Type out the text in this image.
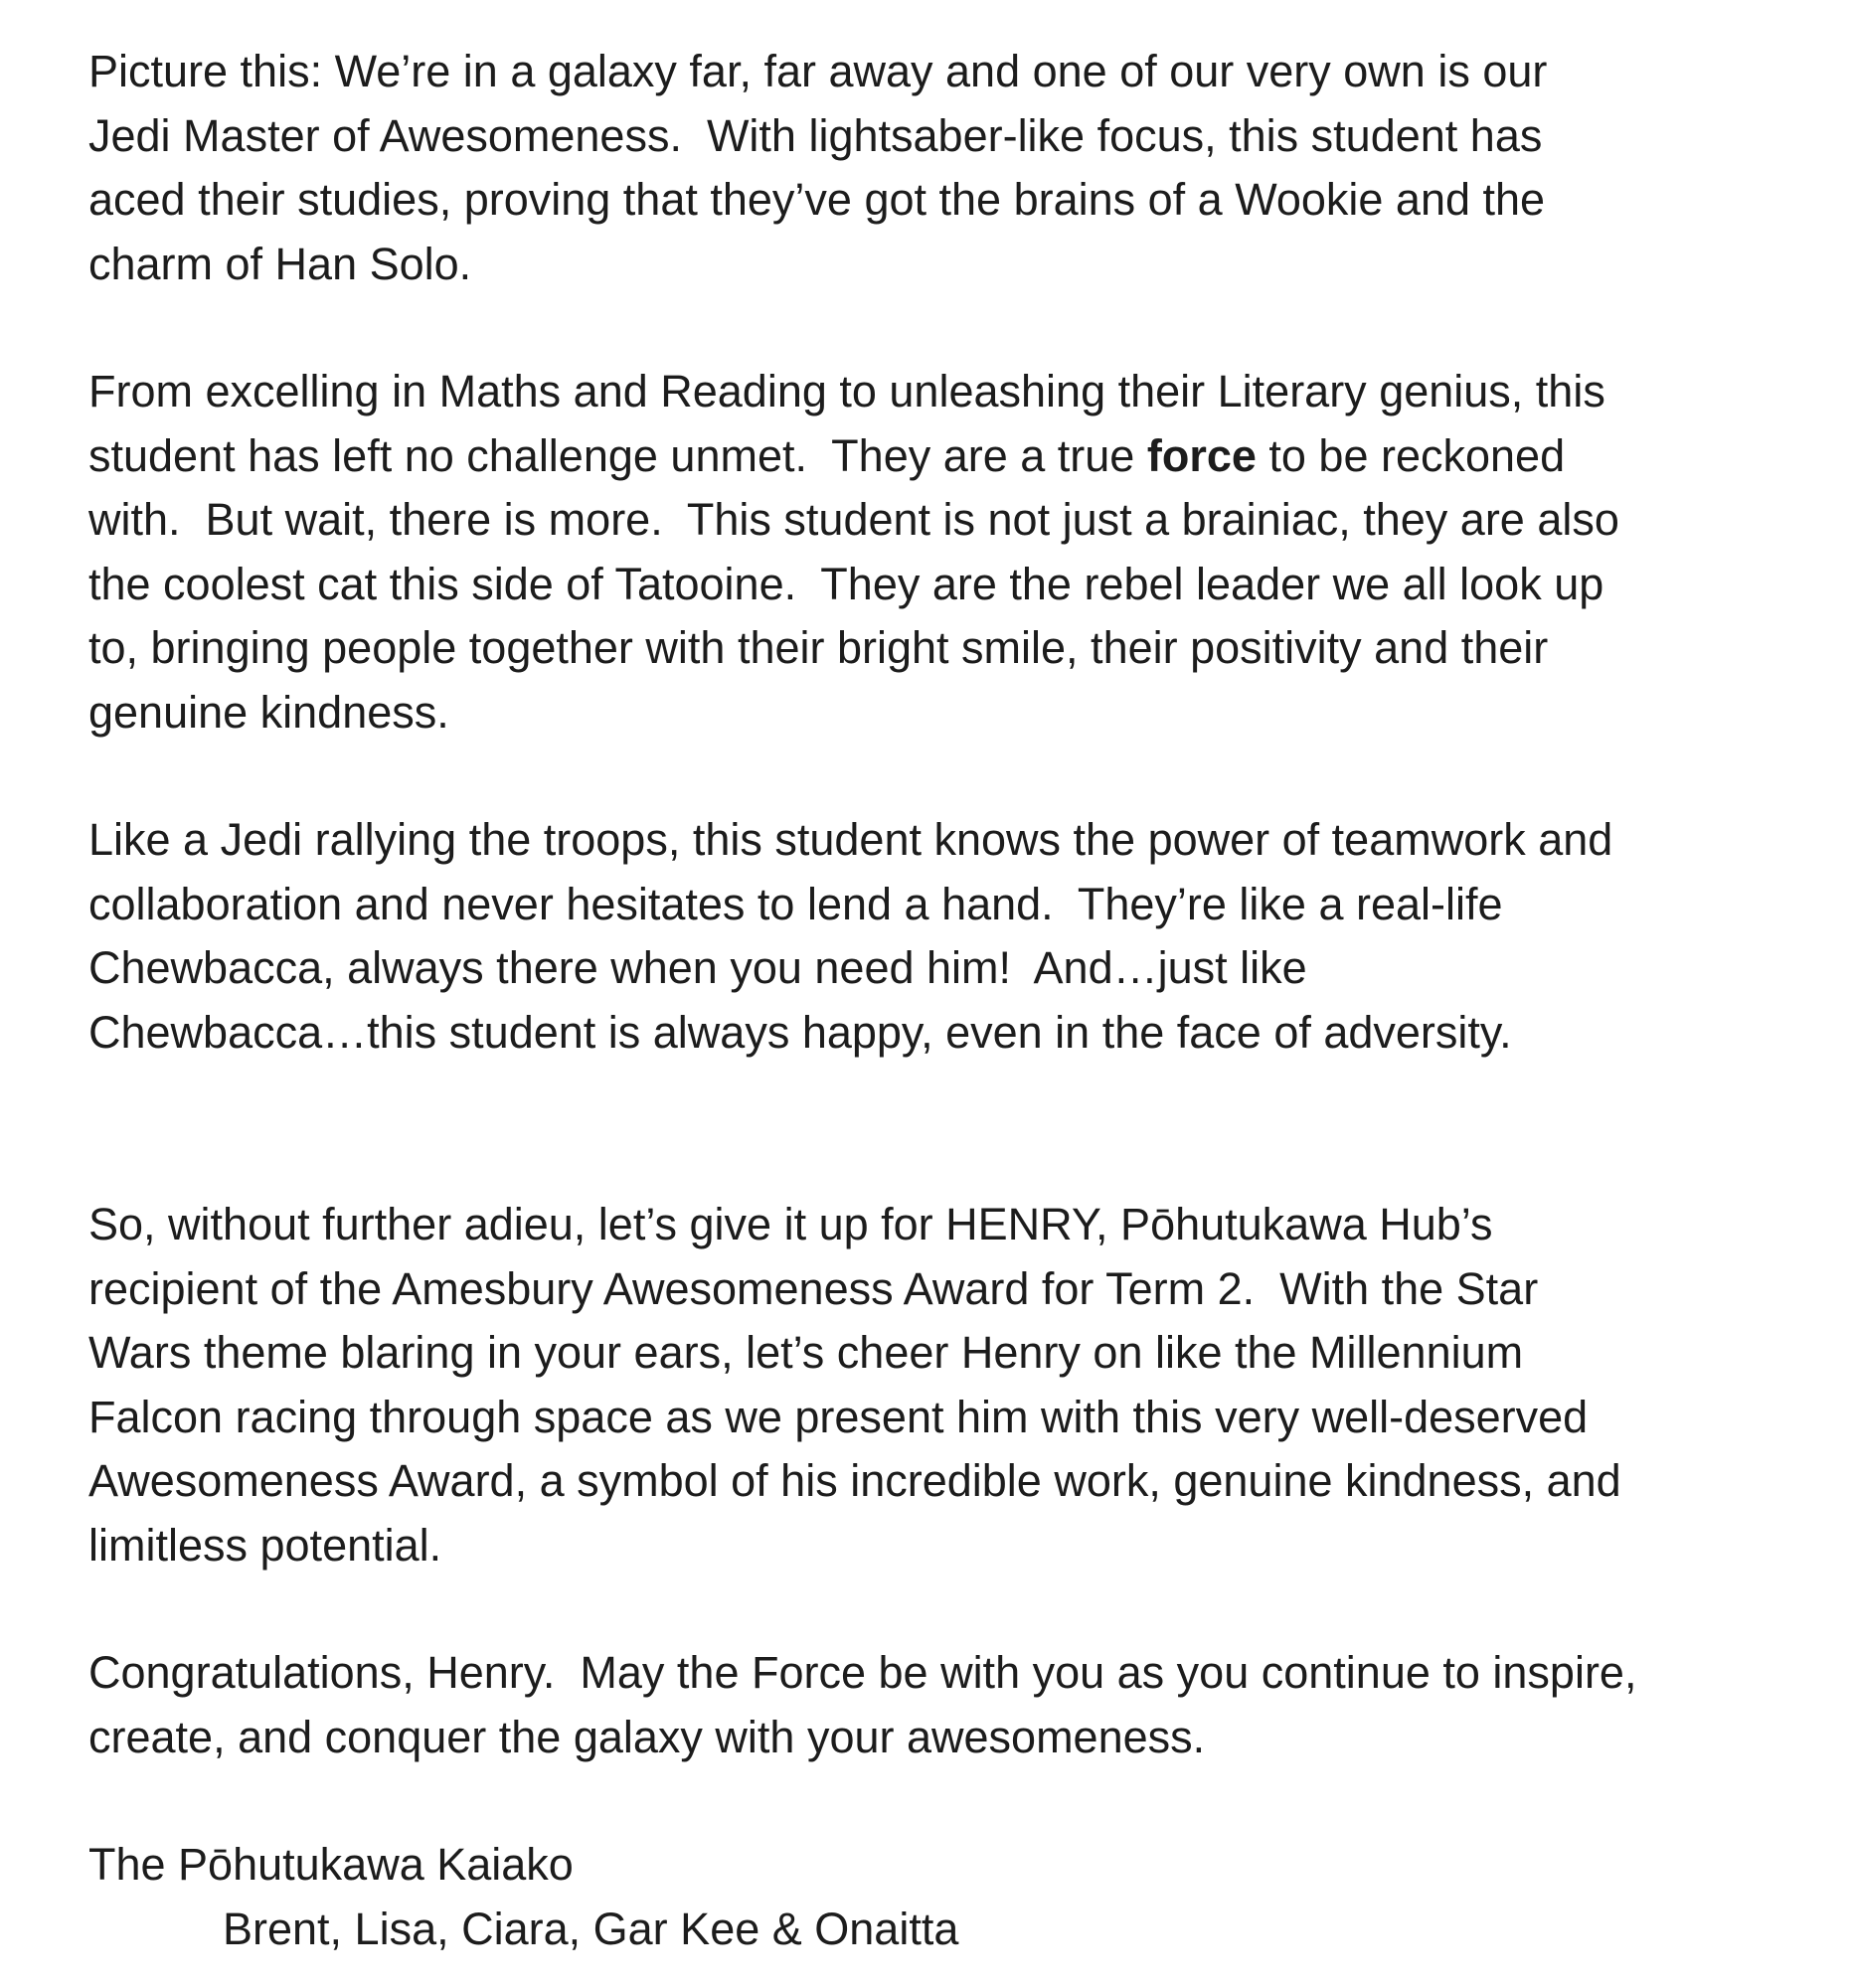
Picture this: We’re in a galaxy far, far away and one of our very own is our

Jedi Master of Awesomeness.  With lightsaber-like focus, this student has

aced their studies, proving that they’ve got the brains of a Wookie and the

charm of Han Solo.

From excelling in Maths and Reading to unleashing their Literary genius, this

student has left no challenge unmet.  They are a true force to be reckoned

with.  But wait, there is more.  This student is not just a brainiac, they are also

the coolest cat this side of Tatooine.  They are the rebel leader we all look up

to, bringing people together with their bright smile, their positivity and their

genuine kindness.

Like a Jedi rallying the troops, this student knows the power of teamwork and

collaboration and never hesitates to lend a hand.  They’re like a real-life

Chewbacca, always there when you need him!  And…just like

Chewbacca…this student is always happy, even in the face of adversity.

So, without further adieu, let’s give it up for HENRY, Pōhutukawa Hub’s

recipient of the Amesbury Awesomeness Award for Term 2.  With the Star

Wars theme blaring in your ears, let’s cheer Henry on like the Millennium

Falcon racing through space as we present him with this very well-deserved

Awesomeness Award, a symbol of his incredible work, genuine kindness, and

limitless potential.

Congratulations, Henry.  May the Force be with you as you continue to inspire,

create, and conquer the galaxy with your awesomeness.

The Pōhutukawa Kaiako

Brent, Lisa, Ciara, Gar Kee & Onaitta
